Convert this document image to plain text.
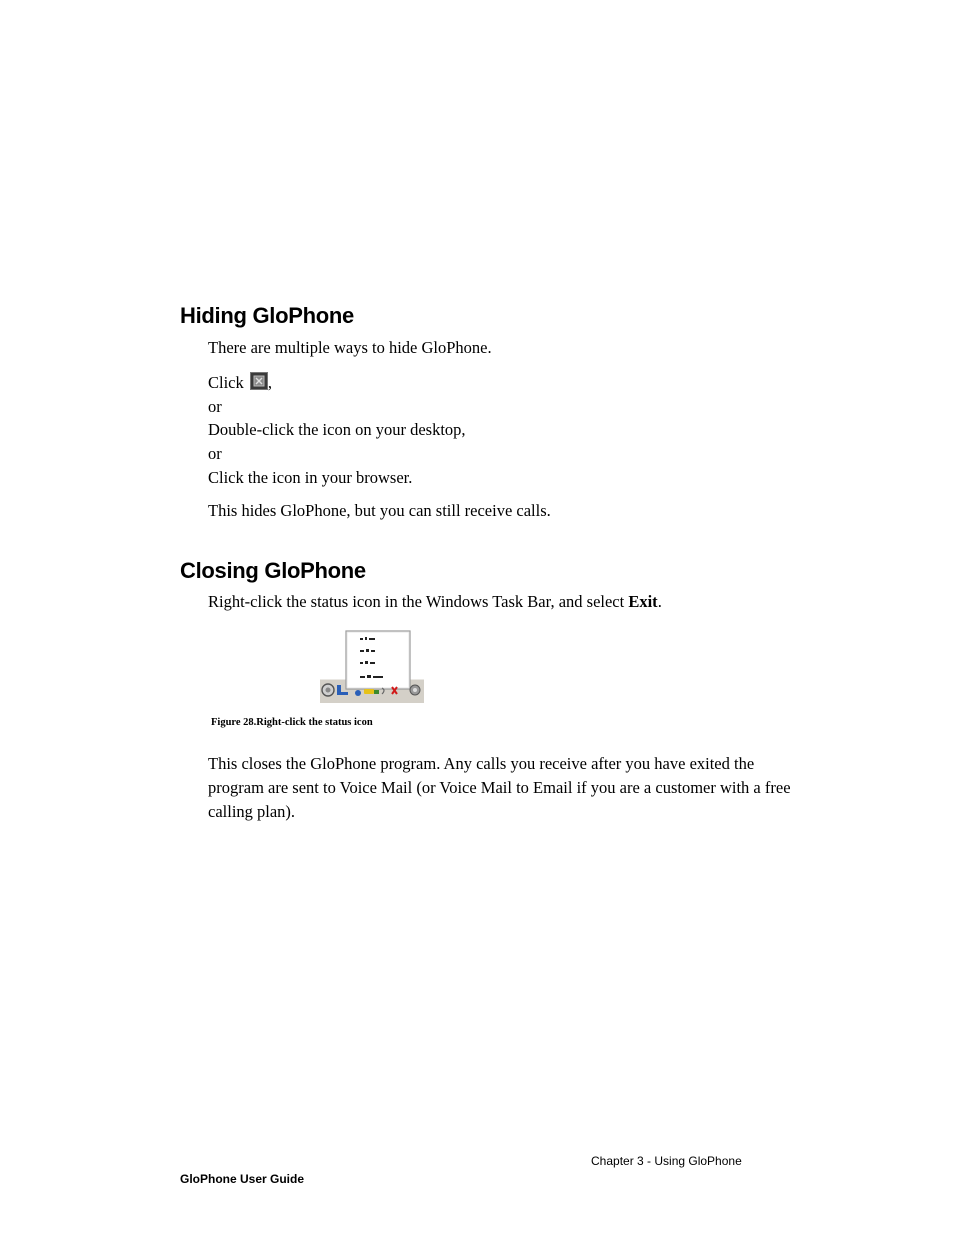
Hiding GloPhone

There are multiple ways to hide GloPhone.

Click ,

or

Double-click the icon on your desktop,

or

Click the icon in your browser.

This hides GloPhone, but you can still receive calls.

Closing GloPhone

Right-click the status icon in the Windows Task Bar, and select Exit.

Figure 28.Right-click the status icon

This closes the GloPhone program. Any calls you receive after you have exited the program are sent to Voice Mail (or Voice Mail to Email if you are a customer with a free calling plan).

Chapter 3 - Using GloPhone

GloPhone User Guide
